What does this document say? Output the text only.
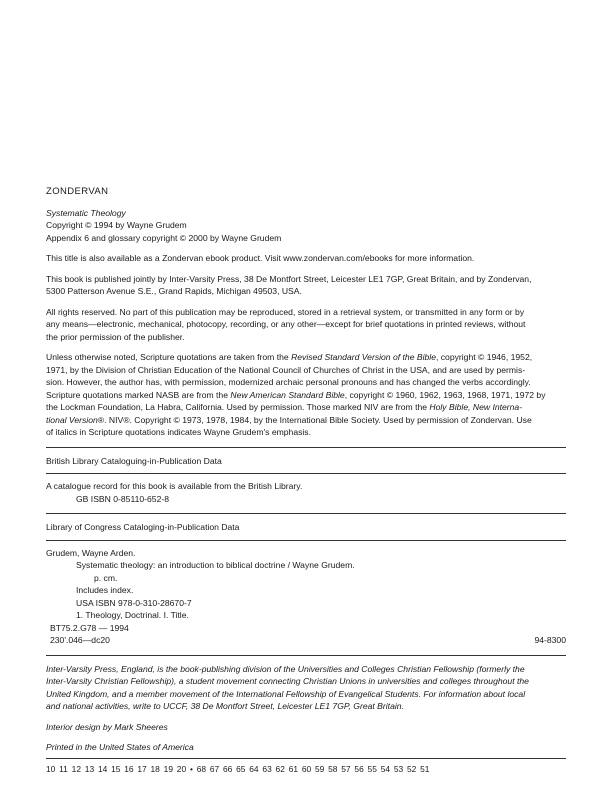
ZONDERVAN

Systematic Theology

Copyright © 1994 by Wayne Grudem

Appendix 6 and glossary copyright © 2000 by Wayne Grudem

This title is also available as a Zondervan ebook product. Visit www.zondervan.com/ebooks for more information.

This book is published jointly by Inter-Varsity Press, 38 De Montfort Street, Leicester LE1 7GP, Great Britain, and by Zondervan,

5300 Patterson Avenue S.E., Grand Rapids, Michigan 49503, USA.

All rights reserved. No part of this publication may be reproduced, stored in a retrieval system, or transmitted in any form or by

any means—electronic, mechanical, photocopy, recording, or any other—except for brief quotations in printed reviews, without

the prior permission of the publisher.

Unless otherwise noted, Scripture quotations are taken from the Revised Standard Version of the Bible, copyright © 1946, 1952,

1971, by the Division of Christian Education of the National Council of Churches of Christ in the USA, and are used by permis-

sion. However, the author has, with permission, modernized archaic personal pronouns and has changed the verbs accordingly.

Scripture quotations marked NASB are from the New American Standard Bible, copyright © 1960, 1962, 1963, 1968, 1971, 1972 by

the Lockman Foundation, La Habra, California. Used by permission. Those marked NIV are from the Holy Bible, New Interna-

tional Version®. NIV®. Copyright © 1973, 1978, 1984, by the International Bible Society. Used by permission of Zondervan. Use

of italics in Scripture quotations indicates Wayne Grudem's emphasis.

British Library Cataloguing-in-Publication Data

A catalogue record for this book is available from the British Library.

GB ISBN 0-85110-652-8

Library of Congress Cataloging-in-Publication Data

Grudem, Wayne Arden.

Systematic theology: an introduction to biblical doctrine / Wayne Grudem.

p. cm.

Includes index.

USA ISBN 978-0-310-28670-7

1. Theology, Doctrinal. I. Title.

BT75.2.G78 — 1994

230'.046—dc20	94-8300

Inter-Varsity Press, England, is the book-publishing division of the Universities and Colleges Christian Fellowship (formerly the

Inter-Varsity Christian Fellowship), a student movement connecting Christian Unions in universities and colleges throughout the

United Kingdom, and a member movement of the International Fellowship of Evangelical Students. For information about local

and national activities, write to UCCF, 38 De Montfort Street, Leicester LE1 7GP, Great Britain.

Interior design by Mark Sheeres

Printed in the United States of America

10 11 12 13 14 15 16 17 18 19 20 • 68 67 66 65 64 63 62 61 60 59 58 57 56 55 54 53 52 51
